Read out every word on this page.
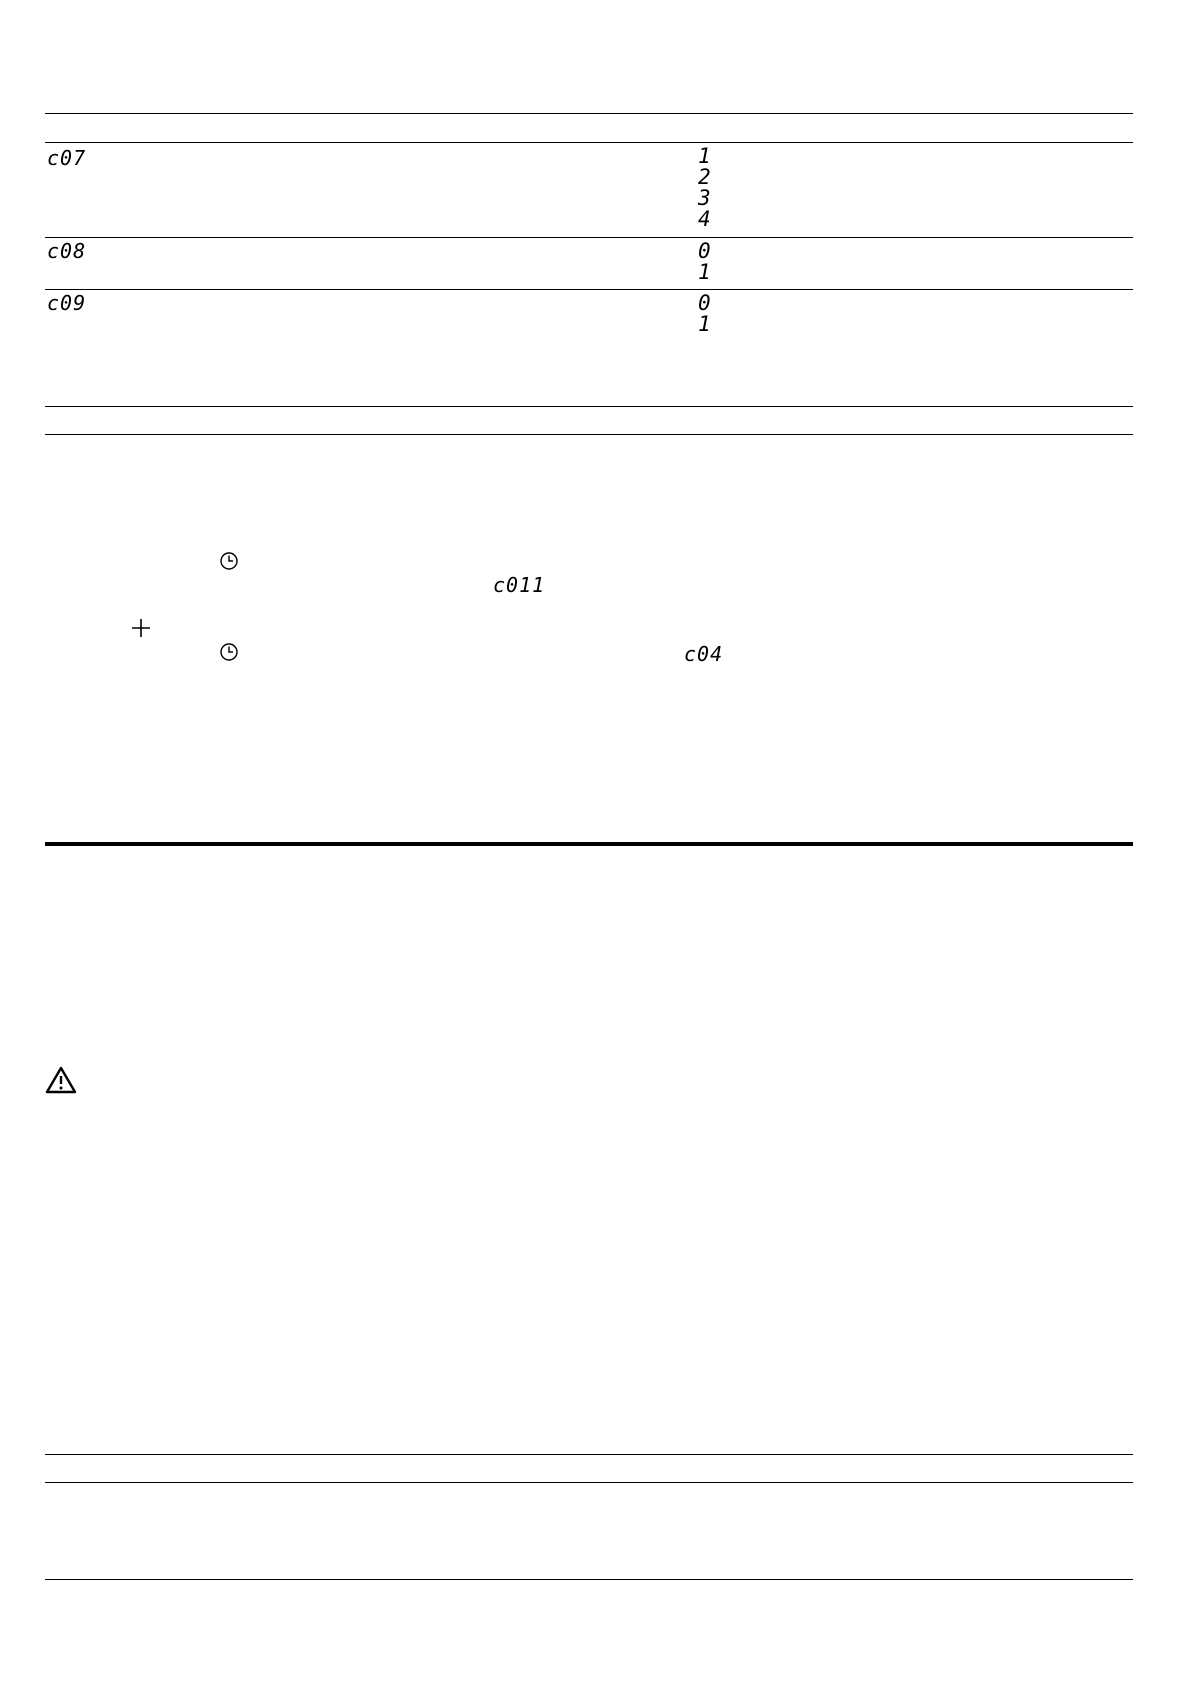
c07	1
2
3
4
c08	0
1
c09	0
1
c011
c04
